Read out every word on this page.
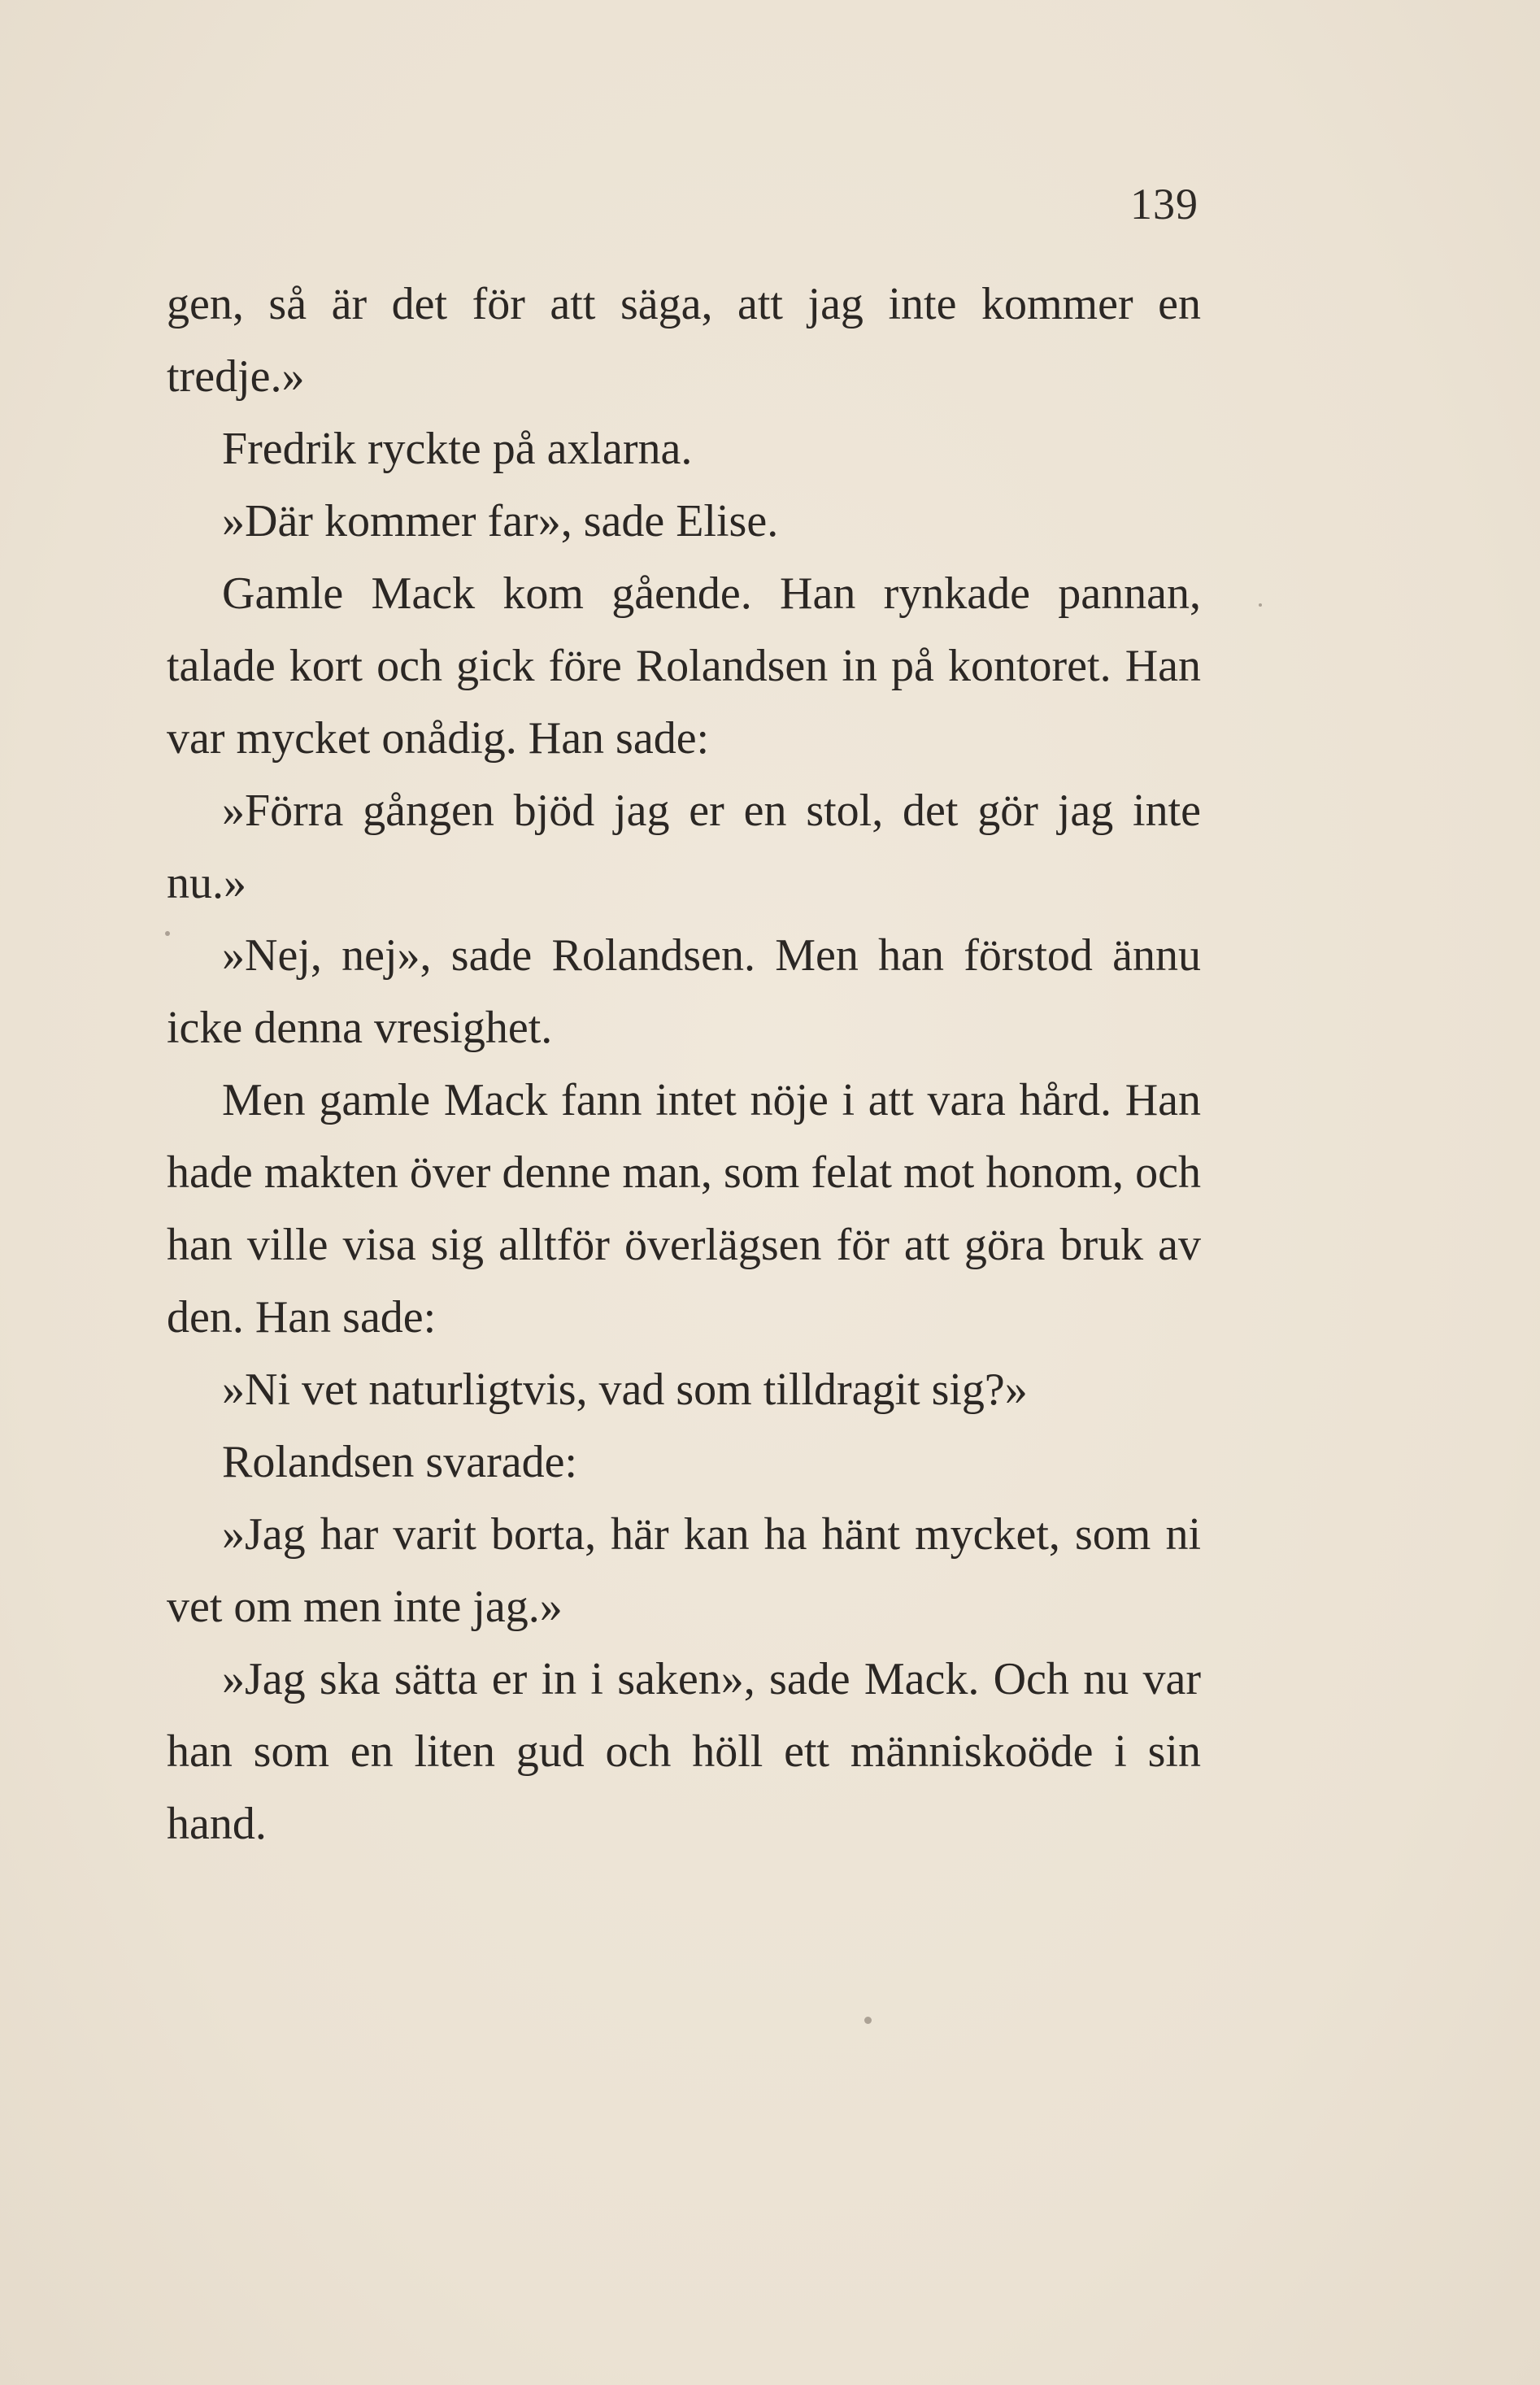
139

gen, så är det för att säga, att jag inte kommer en tredje.»

Fredrik ryckte på axlarna.

»Där kommer far», sade Elise.

Gamle Mack kom gående. Han rynkade pannan, talade kort och gick före Rolandsen in på kontoret. Han var mycket onådig. Han sade:

»Förra gången bjöd jag er en stol, det gör jag inte nu.»

»Nej, nej», sade Rolandsen. Men han förstod ännu icke denna vresighet.

Men gamle Mack fann intet nöje i att vara hård. Han hade makten över denne man, som felat mot honom, och han ville visa sig alltför överlägsen för att göra bruk av den. Han sade:

»Ni vet naturligtvis, vad som tilldragit sig?»

Rolandsen svarade:

»Jag har varit borta, här kan ha hänt mycket, som ni vet om men inte jag.»

»Jag ska sätta er in i saken», sade Mack. Och nu var han som en liten gud och höll ett människoöde i sin hand.
